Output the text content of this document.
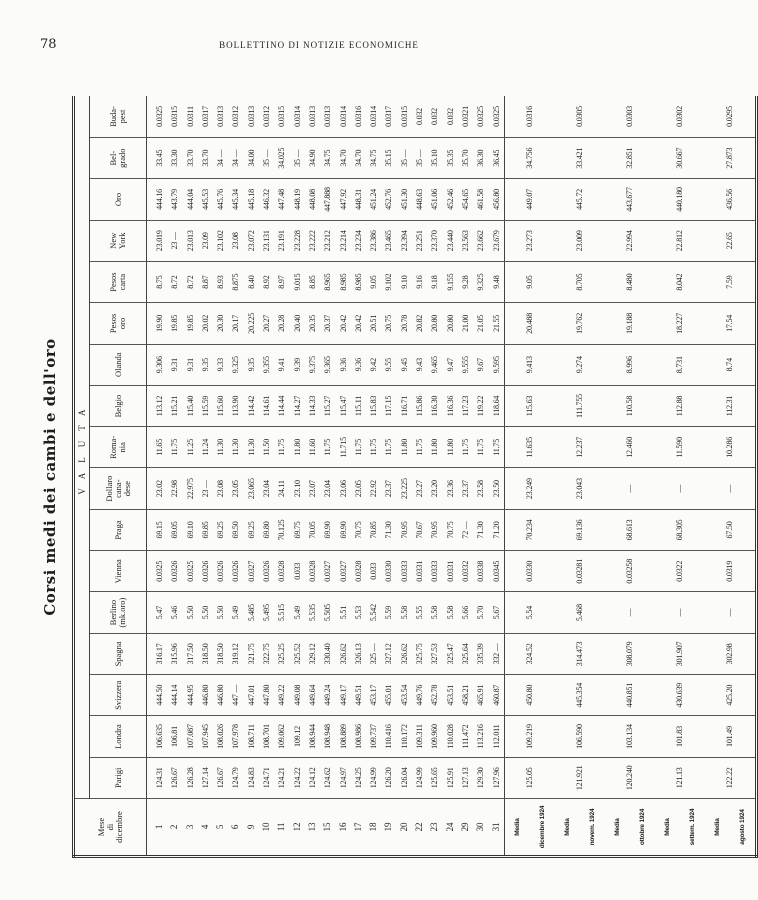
78	BOLLETTINO DI NOTIZIE ECONOMICHE
Corsi medi dei cambi e dell'oro
Mese
di
dicembre	VALUTA																
	Parigi	Londra	Svizzera	Spagna	Berlino
(mk.oro)	Vienna	Praga	Dollaro
cana-
dese	Roma-
nia	Belgio	Olanda	Pesos
oro	Pesos
carta	New
York	Oro	Bel-
grado	Buda-
pest
1	124.31	106.635	444.50	316.17	5.47	0.0325	69.15	23.02	11.65	113.12	9.306	19.90	8.75	23.019	444.16	33.45	0.0325
2	126.67	106.81	444.14	315.96	5.46	0.0326	69.05	22.98	11.75	115.21	9.31	19.85	8.72	23 —	443.79	33.30	0.0315
3	126.28	107.087	444.95	317.50	5.50	0.0325	69.10	22.975	11.25	115.40	9.31	19.85	8.72	23.013	444.04	33.70	0.0311
4	127.14	107.945	446.80	318.50	5.50	0.0326	69.85	23 —	11.24	115.59	9.35	20.02	8.87	23.09	445.53	33.70	0.0317
5	126.67	108.026	446.80	318.50	5.50	0.0326	69.25	23.08	11.30	115.60	9.33	20.30	8.93	23.102	445.76	34 —	0.0313
6	124.79	107.978	447 —	319.12	5.49	0.0326	69.50	23.05	11.30	113.90	9.325	20.17	8.875	23.08	445.34	34 —	0.0312
9	124.83	108.711	447.01	321.75	5.485	0.0327	69.25	23.065	11.30	114.42	9.35	20.225	8.40	23.072	445.18	34.00	0.0313
10	124.71	108.701	447.80	322.75	5.495	0.0326	69.80	23.04	11.50	114.61	9.355	20.27	8.92	23.131	446.32	35 —	0.0312
11	124.21	109.062	449.22	325.25	5.515	0.0328	70.125	24.11	11.75	114.44	9.41	20.28	8.97	23.191	447.48	34.025	0.0315
12	124.22	109.12	449.08	325.52	5.49	0.033	69.75	23.10	11.80	114.27	9.39	20.40	9.015	23.228	448.19	35 —	0.0314
13	124.12	108.944	449.64	329.12	5.535	0.0328	70.05	23.07	11.60	114.33	9.375	20.35	8.85	23.222	448.08	34.90	0.0313
15	124.62	108.948	449.24	330.40	5.505	0.0327	69.90	23.04	11.75	115.27	9.365	20.37	8.965	23.212	447.888	34.75	0.0313
16	124.97	108.889	449.17	326.62	5.51	0.0327	69.90	23.06	11.715	115.47	9.36	20.42	8.985	23.214	447.92	34.70	0.0314
17	124.25	108.986	449.51	326.13	5.53	0.0328	70.75	23.05	11.75	115.11	9.36	20.42	8.985	23.234	448.31	34.70	0.0316
18	124.99	109.737	453.17	325 —	5.542	0.033	70.85	22.92	11.75	115.83	9.42	20.51	9.05	23.386	451.24	34.75	0.0314
19	126.20	110.416	455.01	327.12	5.59	0.0330	71.30	23.37	11.75	117.15	9.55	20.75	9.102	23.465	452.76	35.15	0.0317
20	126.04	110.172	453.54	326.62	5.58	0.0333	70.95	23.225	11.80	116.71	9.45	20.78	9.10	23.394	451.30	35 —	0.0315
22	124.99	109.311	449.76	325.75	5.55	0.0331	70.67	23.27	11.75	115.86	9.43	20.82	9.16	23.251	448.63	35 —	0.032
23	125.65	109.960	452.78	327.53	5.58	0.0333	70.95	23.20	11.80	116.30	9.465	20.80	9.18	23.370	451.06	35.10	0.032
24	125.91	110.028	453.51	325.47	5.58	0.0331	70.75	23.36	11.80	116.36	9.47	20.80	9.155	23.440	452.46	35.35	0.032
29	127.13	111.472	458.21	325.64	5.66	0.0332	72 —	23.37	11.75	117.23	9.555	21.00	9.28	23.563	454.65	35.70	0.0321
30	129.30	113.216	465.91	335.39	5.70	0.0338	71.30	23.58	11.75	119.22	9.67	21.05	9.325	23.662	461.58	36.30	0.0325
31	127.96	112.011	460.87	332 —	5.67	0.0345	71.20	23.50	11.75	118.64	9.595	21.55	9.48	23.679	456.80	36.45	0.0325
Media
dicembre 1924	125.05	109.219	450.80	324.52	5.54	0.0330	70.234	23.249	11.635	115.63	9.413	20.488	9.05	23.273	449.07	34.756	0.0316
Media
novem. 1924	121.921	106.590	445.354	314.473	5.468	0.03281	69.136	23.043	12.237	111.755	9.274	19.762	8.705	23.009	445.72	33.421	0.0305
Media
ottobre 1924	120.240	103.134	440.851	308.079	—	0.03258	68.613	—	12.460	110.58	8.996	19.188	8.480	22.994	443.677	32.851	0.0303
Media
settem. 1924	121.13	101.83	430.639	301.907	—	0.0322	68.305	—	11.590	112.88	8.731	18.227	8.042	22.812	440.180	30.667	0.0302
Media
agosto 1924	122.22	101.49	425.20	302.98	—	0.0319	67.50	—	10.286	112.31	8.74	17.54	7.59	22.65	436.56	27.873	0.0295
